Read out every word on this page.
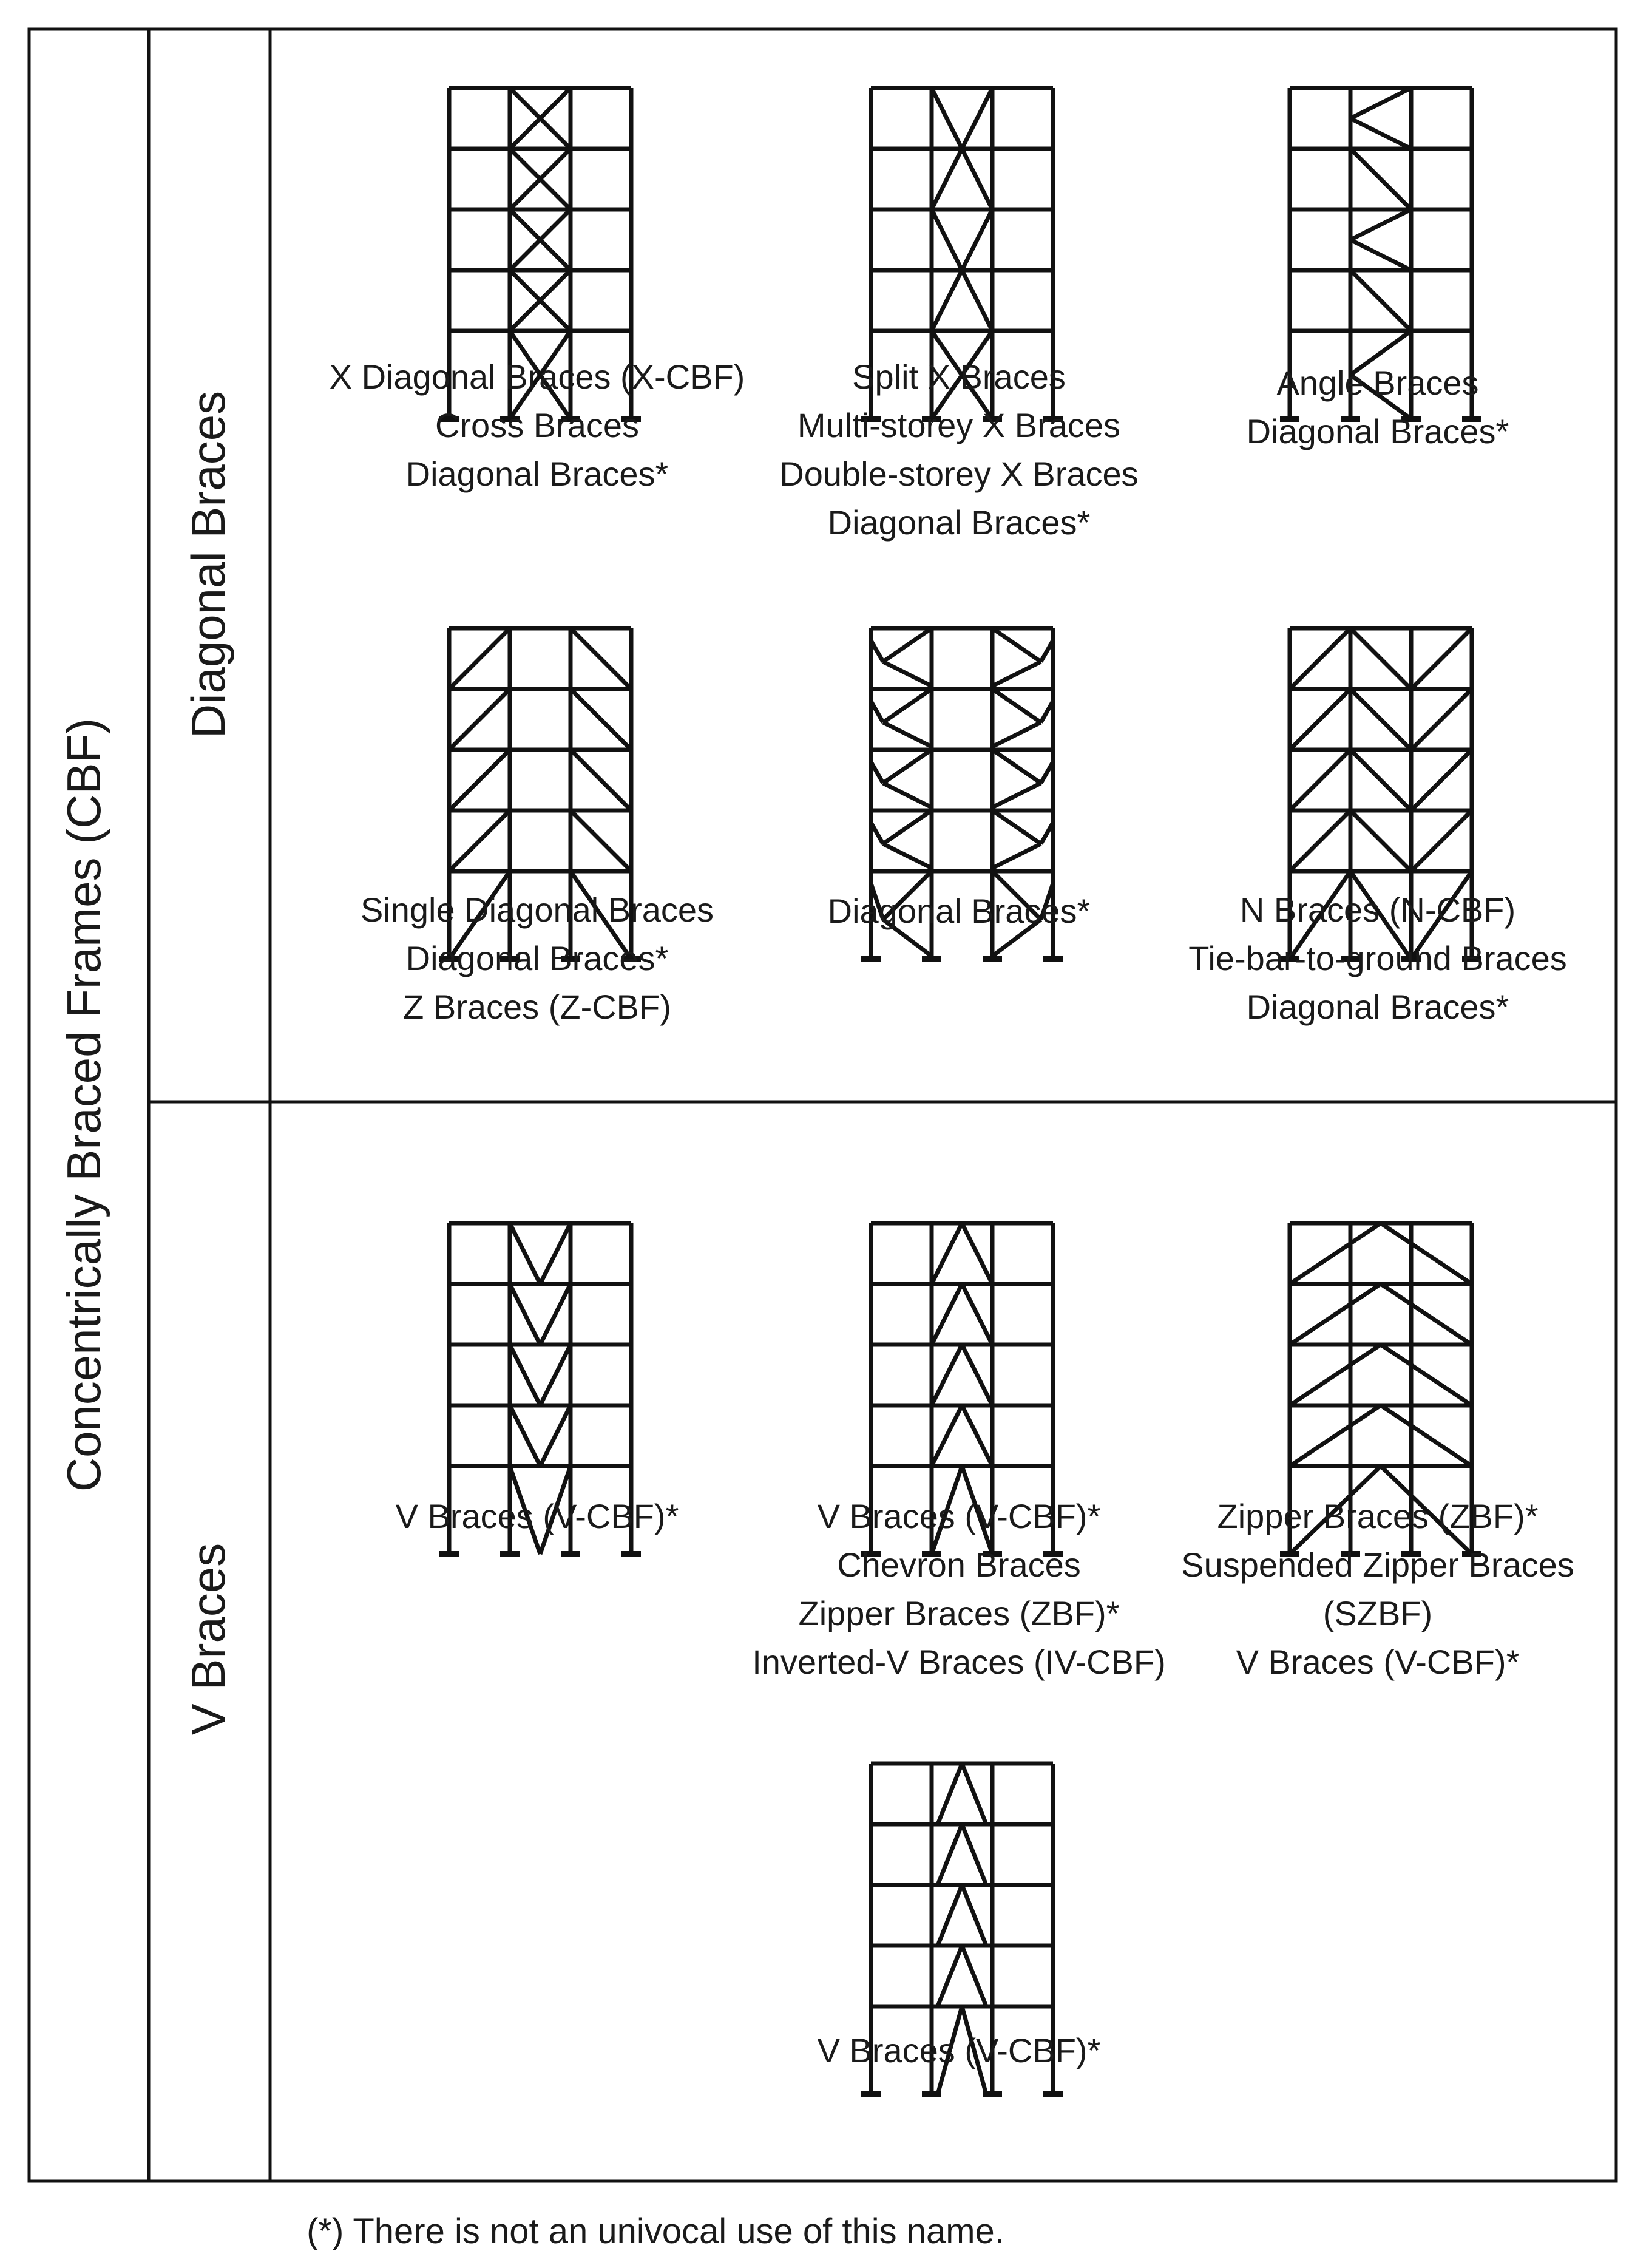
Concentrically Braced Frames (CBF)
Diagonal Braces
V Braces
X Diagonal Braces (X-CBF)
Cross Braces
Diagonal Braces*
Split X Braces
Multi-storey X Braces
Double-storey X Braces
Diagonal Braces*
Angle Braces
Diagonal Braces*
Single Diagonal Braces
Diagonal Braces*
Z Braces (Z-CBF)
Diagonal Braces*	N Braces (N-CBF)
Tie-bar-to-ground Braces
Diagonal Braces*
V Braces (V-CBF)*	V Braces (V-CBF)*
Chevron Braces
Zipper Braces (ZBF)*
Inverted-V Braces (IV-CBF)
Zipper Braces (ZBF)*
Suspended Zipper Braces
(SZBF)
V Braces (V-CBF)*
V Braces (V-CBF)*
(*) There is not an univocal use of this name.
